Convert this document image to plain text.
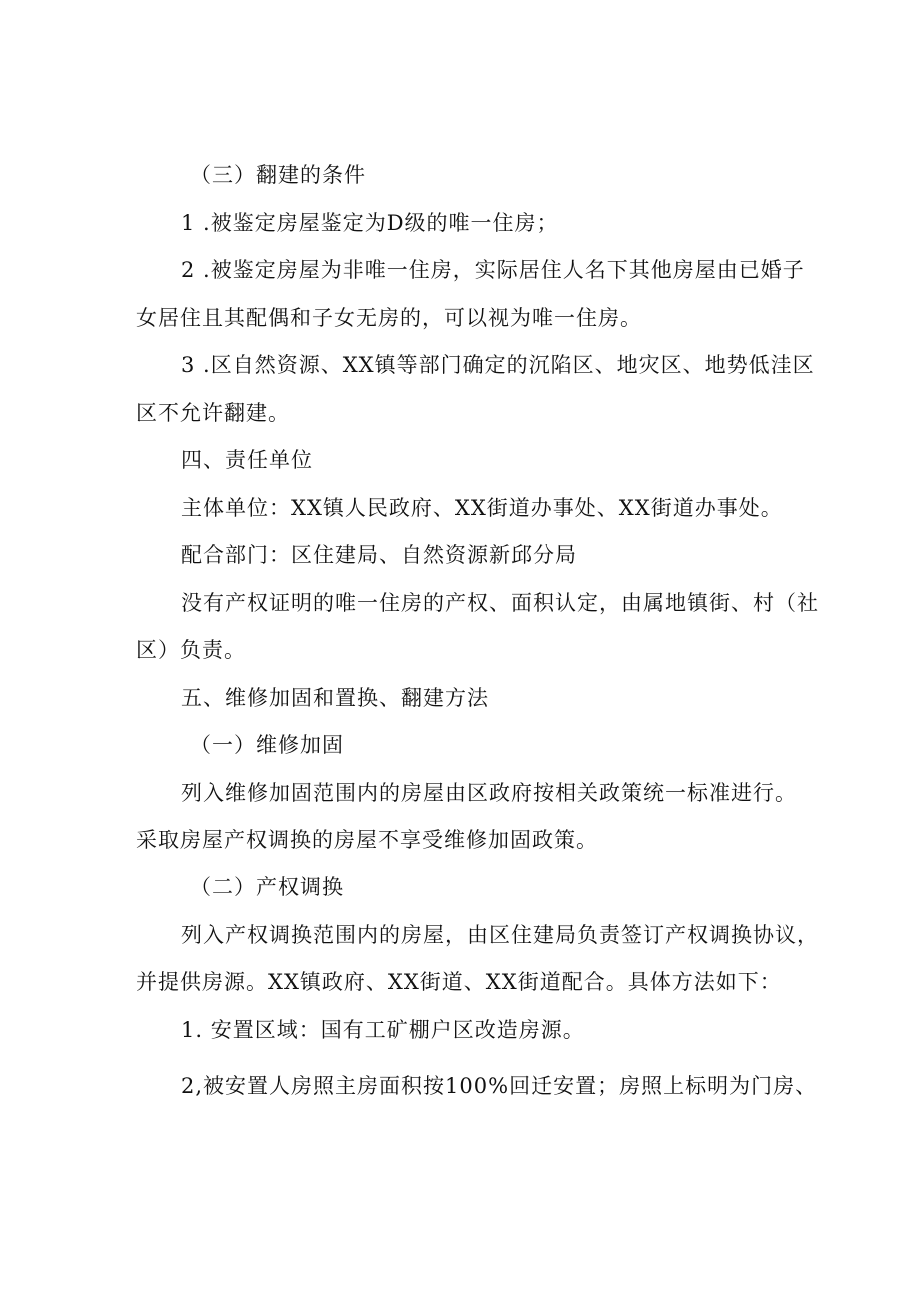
（三）翻建的条件
1 .被鉴定房屋鉴定为D级的唯一住房；
2 .被鉴定房屋为非唯一住房，实际居住人名下其他房屋由已婚子
女居住且其配偶和子女无房的，可以视为唯一住房。
3 .区自然资源、XX镇等部门确定的沉陷区、地灾区、地势低洼区
区不允许翻建。
四、责任单位
主体单位：XX镇人民政府、XX街道办事处、XX街道办事处。
配合部门：区住建局、自然资源新邱分局
没有产权证明的唯一住房的产权、面积认定，由属地镇街、村（社
区）负责。
五、维修加固和置换、翻建方法
（一）维修加固
列入维修加固范围内的房屋由区政府按相关政策统一标准进行。
采取房屋产权调换的房屋不享受维修加固政策。
（二）产权调换
列入产权调换范围内的房屋，由区住建局负责签订产权调换协议，
并提供房源。XX镇政府、XX街道、XX街道配合。具体方法如下：
1. 安置区域：国有工矿棚户区改造房源。
2,被安置人房照主房面积按100%回迁安置；房照上标明为门房、
